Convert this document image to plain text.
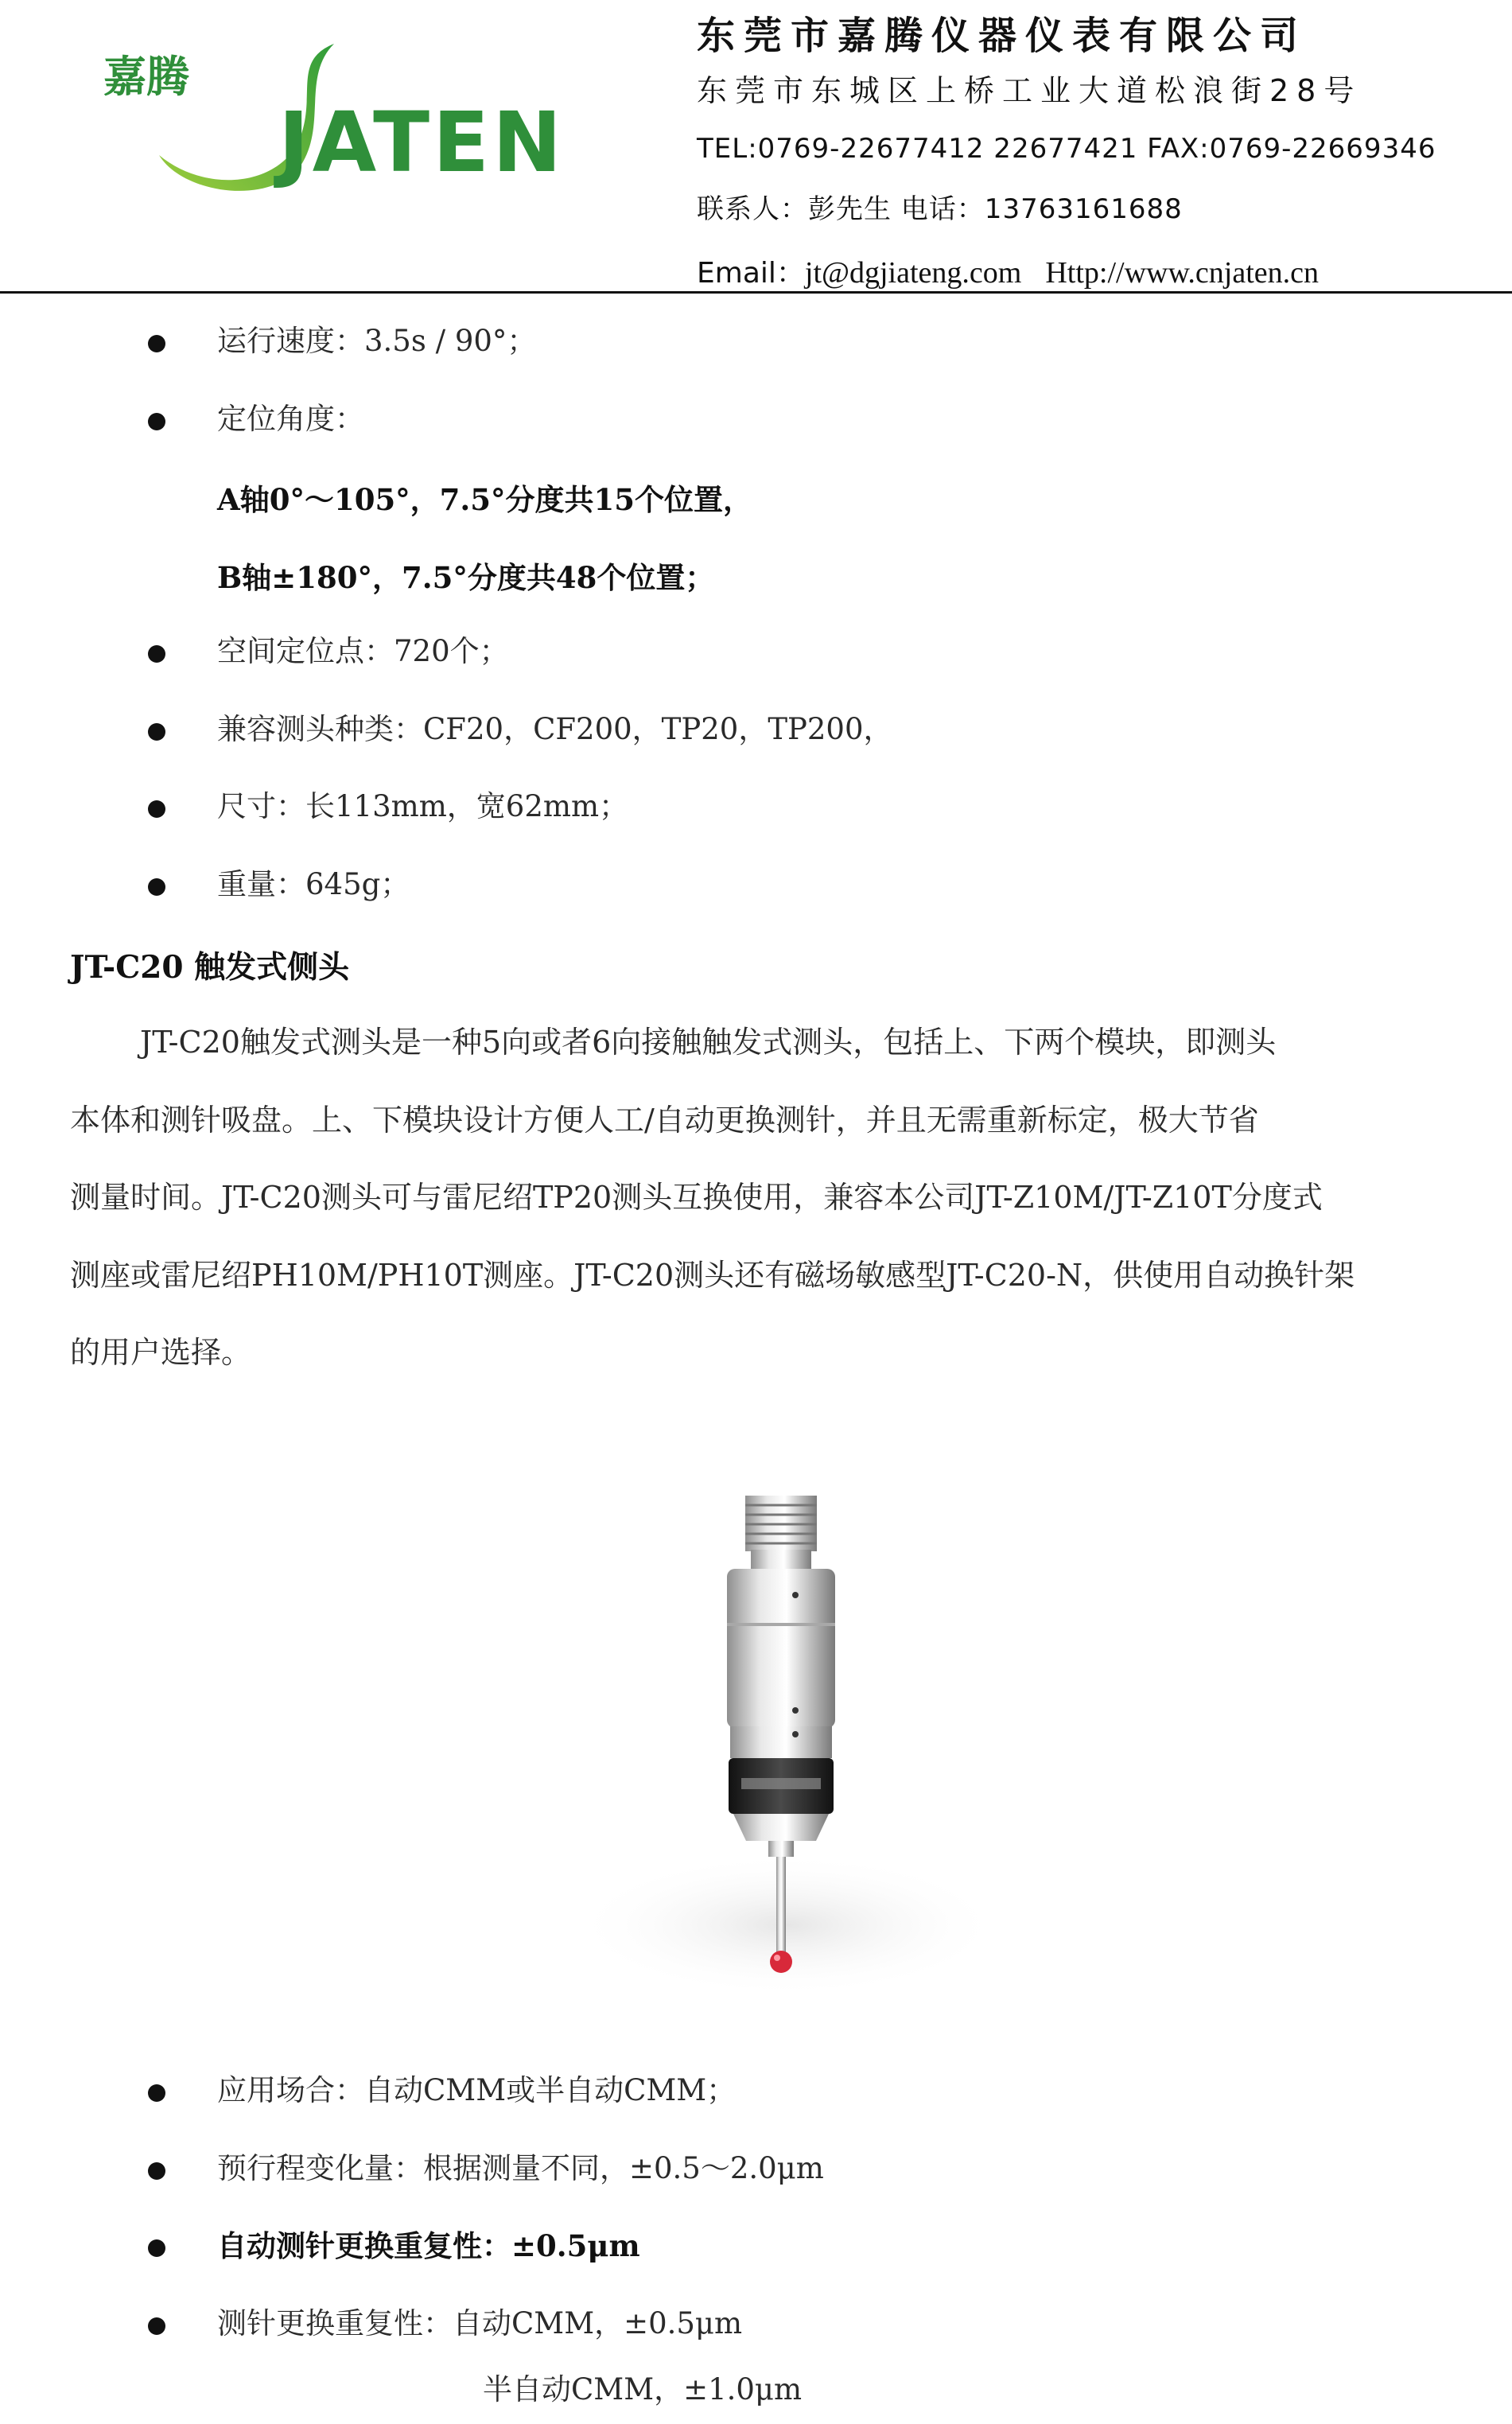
嘉腾
JATEN
东莞市嘉腾仪器仪表有限公司
东莞市东城区上桥工业大道松浪街28号
TEL:0769-22677412 22677421 FAX:0769-22669346
联系人：彭先生 电话：13763161688
Email：jt@dgjiateng.com Http://www.cnjaten.cn
运行速度：3.5s / 90°；
定位角度：
A轴0°～105°，7.5°分度共15个位置，
B轴±180°，7.5°分度共48个位置；
空间定位点：720个；
兼容测头种类：CF20，CF200，TP20，TP200，
尺寸：长113mm，宽62mm；
重量：645g；
JT-C20 触发式侧头
JT-C20触发式测头是一种5向或者6向接触触发式测头，包括上、下两个模块，即测头
本体和测针吸盘。上、下模块设计方便人工/自动更换测针，并且无需重新标定，极大节省
测量时间。JT-C20测头可与雷尼绍TP20测头互换使用，兼容本公司JT-Z10M/JT-Z10T分度式
测座或雷尼绍PH10M/PH10T测座。JT-C20测头还有磁场敏感型JT-C20-N，供使用自动换针架
的用户选择。
应用场合：自动CMM或半自动CMM；
预行程变化量：根据测量不同，±0.5～2.0μm
自动测针更换重复性：±0.5μm
测针更换重复性：自动CMM，±0.5μm
半自动CMM，±1.0μm
